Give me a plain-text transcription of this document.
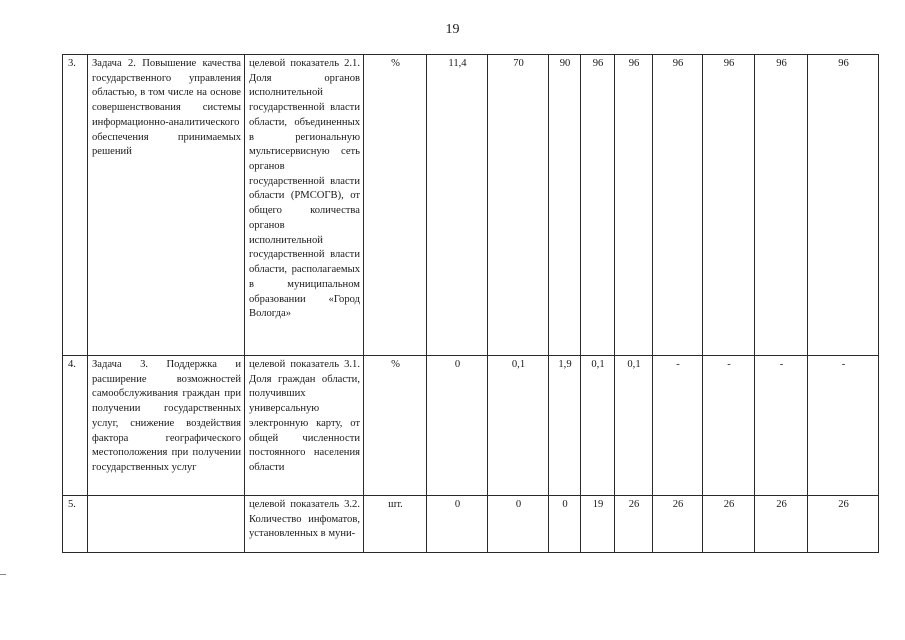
19
3.	Задача 2. Повышение качества государственного управления областью, в том числе на основе совершенствования системы информационно-аналитического обеспечения принимаемых решений	целевой показатель 2.1. Доля органов исполнительной государственной власти области, объединенных в региональную мультисервисную сеть органов государственной власти области (РМСОГВ), от общего количества органов исполнительной государственной власти области, располагаемых в муниципальном образовании «Город Вологда»	%	11,4	70	90	96	96	96	96	96	96
4.	Задача 3. Поддержка и расширение возможностей самообслуживания граждан при получении государственных услуг, снижение воздействия фактора географического местоположения при получении государственных услуг	целевой показатель 3.1. Доля граждан области, получивших универсальную электронную карту, от общей численности постоянного населения области	%	0	0,1	1,9	0,1	0,1	-	-	-	-
5.		целевой показатель 3.2. Количество инфоматов, установленных в муни-	шт.	0	0	0	19	26	26	26	26	26
